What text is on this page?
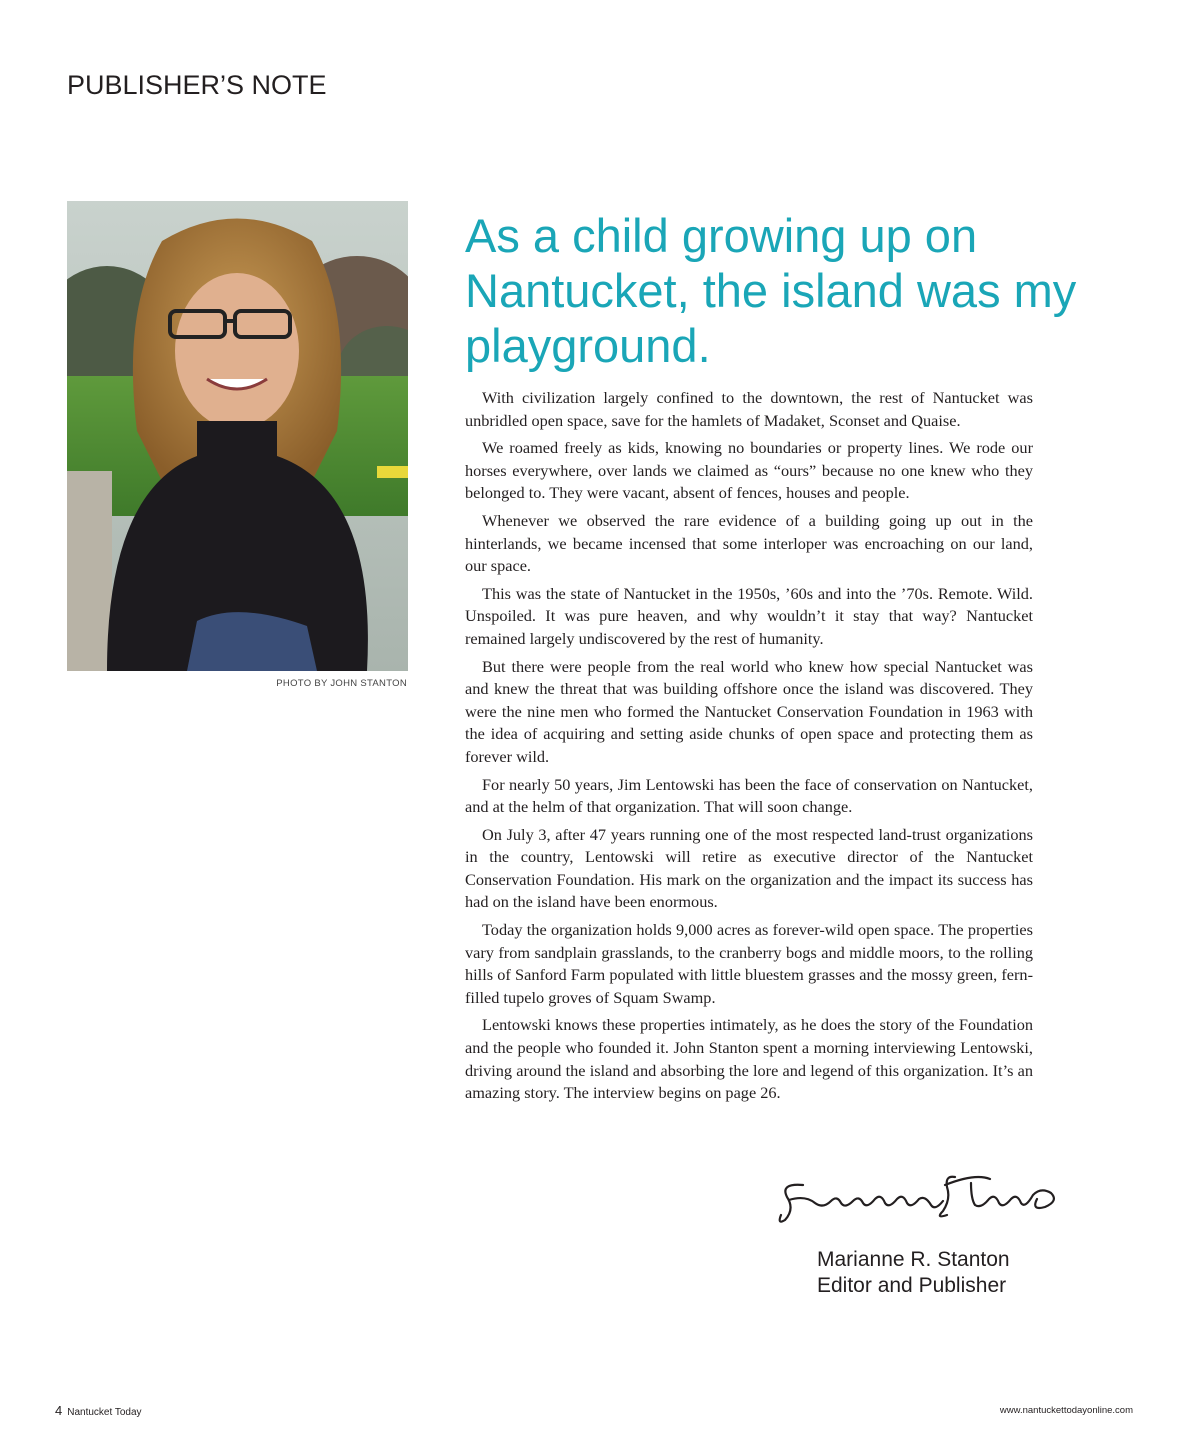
PUBLISHER’S NOTE
PHOTO BY JOHN STANTON
As a child growing up on Nantucket, the island was my playground.

With civilization largely confined to the downtown, the rest of Nantucket was unbridled open space, save for the hamlets of Madaket, Sconset and Quaise.

We roamed freely as kids, knowing no boundaries or property lines. We rode our horses everywhere, over lands we claimed as “ours” because no one knew who they belonged to. They were vacant, absent of fences, houses and people.

Whenever we observed the rare evidence of a building going up out in the hinterlands, we became incensed that some interloper was encroaching on our land, our space.

This was the state of Nantucket in the 1950s, ’60s and into the ’70s. Remote. Wild. Unspoiled. It was pure heaven, and why wouldn’t it stay that way? Nantucket remained largely undiscovered by the rest of humanity.

But there were people from the real world who knew how special Nantucket was and knew the threat that was building offshore once the island was discovered. They were the nine men who formed the Nantucket Conservation Foundation in 1963 with the idea of acquiring and setting aside chunks of open space and protecting them as forever wild.

For nearly 50 years, Jim Lentowski has been the face of conservation on Nantucket, and at the helm of that organization. That will soon change.

On July 3, after 47 years running one of the most respected land-trust organizations in the country, Lentowski will retire as executive director of the Nantucket Conservation Foundation. His mark on the organization and the impact its success has had on the island have been enormous.

Today the organization holds 9,000 acres as forever-wild open space. The properties vary from sandplain grasslands, to the cranberry bogs and middle moors, to the rolling hills of Sanford Farm populated with little bluestem grasses and the mossy green, fern-filled tupelo groves of Squam Swamp.

Lentowski knows these properties intimately, as he does the story of the Foundation and the people who founded it. John Stanton spent a morning interviewing Lentowski, driving around the island and absorbing the lore and legend of this organization. It’s an amazing story. The interview begins on page 26.

Marianne R. Stanton
Editor and Publisher
4 Nantucket Today	www.nantuckettodayonline.com
